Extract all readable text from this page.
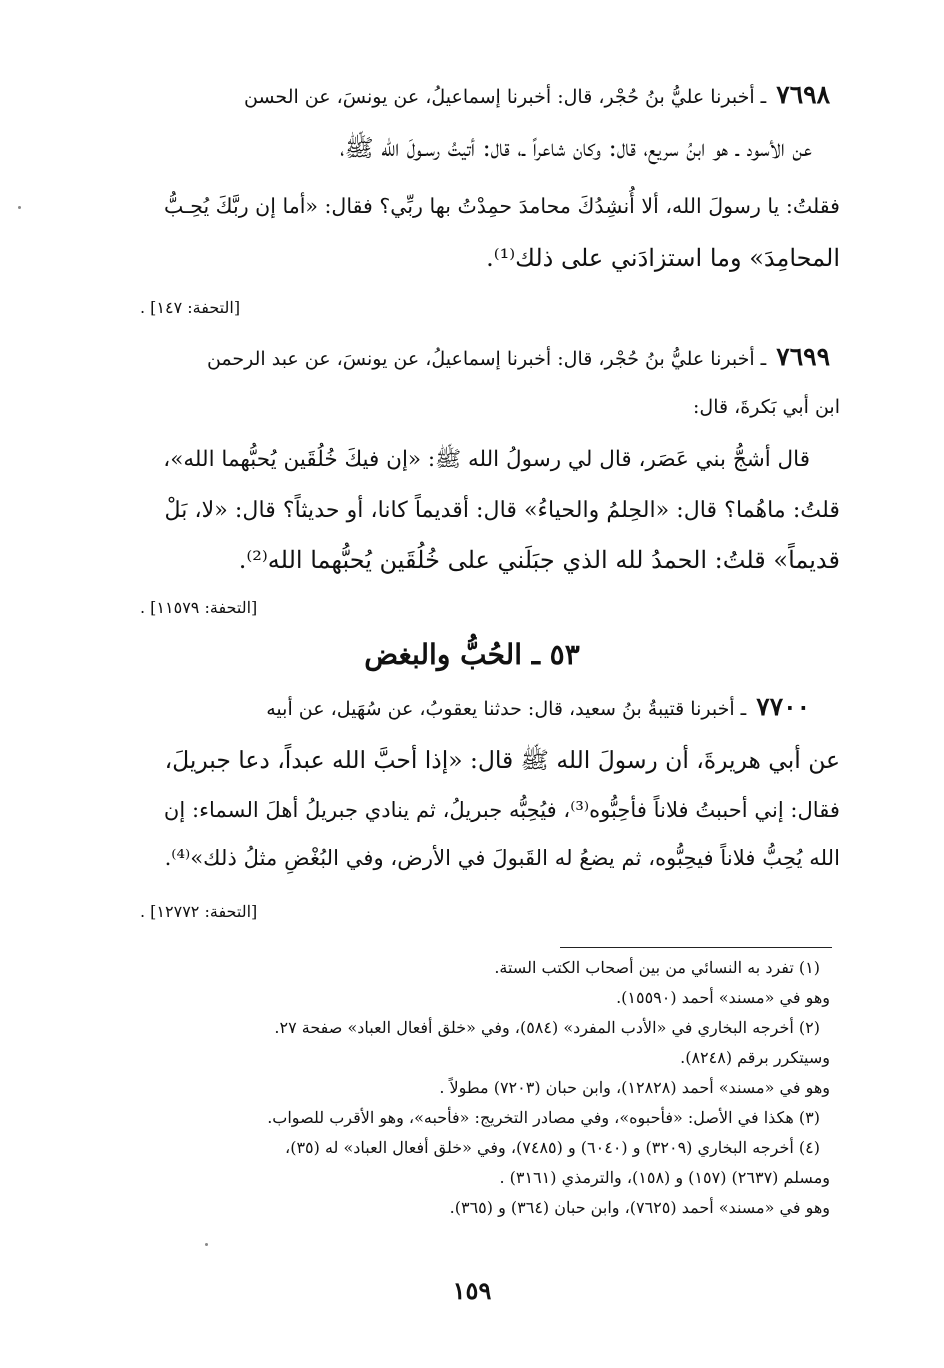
٧٦٩٨ ـ أخبرنا عليُّ بنُ حُجْر، قال: أخبرنا إسماعيلُ، عن يونسَ، عن الحسن
عن الأسود ـ هو ابنُ سريع، قال: وكان شاعراً ـ، قال: أتيتُ رسـولَ الله ﷺ،
فقلتُ: يا رسولَ الله، ألا أُنشِدُكَ محامدَ حمِدْتُ بها ربِّي؟ فقال: «أما إن ربَّكَ يُحِـبُّ
المحامِدَ» وما استزادَني على ذلك⁽¹⁾.
[التحفة: ١٤٧] .
٧٦٩٩ ـ أخبرنا عليُّ بنُ حُجْر، قال: أخبرنا إسماعيلُ، عن يونسَ، عن عبد الرحمن
ابن أبي بَكرةَ، قال:
قال أشجُّ بني عَصَر، قال لي رسولُ الله ﷺ: «إن فيكَ خُلُقَين يُحبُّهما الله»،
قلتُ: ماهُما؟ قال: «الحِلمُ والحياءُ» قال: أقديماً كانا، أو حديثاً؟ قال: «لا، بَلْ
قديماً» قلتُ: الحمدُ لله الذي جبَلَني على خُلُقَين يُحبُّهما الله⁽²⁾.
[التحفة: ١١٥٧٩] .
٥٣ ـ الحُبُّ والبغض
٧٧٠٠ ـ أخبرنا قتيبةُ بنُ سعيد، قال: حدثنا يعقوبُ، عن سُهَيل، عن أبيه
عن أبي هريرةَ، أن رسولَ الله ﷺ قال: «إذا أحبَّ الله عبداً، دعا جبريلَ،
فقال: إني أحببتُ فلاناً فأحِبُّوه⁽³⁾، فيُحِبُّه جبريلُ، ثم ينادي جبريلُ أهلَ السماء: إن
الله يُحِبُّ فلاناً فيحِبُّوه، ثم يضعُ له القَبولَ في الأرض، وفي البُغْضِ مثلُ ذلك»⁽⁴⁾.
[التحفة: ١٢٧٧٢] .
(١) تفرد به النسائي من بين أصحاب الكتب الستة.
وهو في «مسند» أحمد (١٥٥٩٠).
(٢) أخرجه البخاري في «الأدب المفرد» (٥٨٤)، وفي «خلق أفعال العباد» صفحة ٢٧.
وسيتكرر برقم (٨٢٤٨).
وهو في «مسند» أحمد (١٢٨٢٨)، وابن حبان (٧٢٠٣) مطولاً .
(٣) هكذا في الأصل: «فأحبوه»، وفي مصادر التخريج: «فأحبه»، وهو الأقرب للصواب.
(٤) أخرجه البخاري (٣٢٠٩) و (٦٠٤٠) و (٧٤٨٥)، وفي «خلق أفعال العباد» له (٣٥)،
ومسلم (٢٦٣٧) (١٥٧) و (١٥٨)، والترمذي (٣١٦١) .
وهو في «مسند» أحمد (٧٦٢٥)، وابن حبان (٣٦٤) و (٣٦٥).
١٥٩
